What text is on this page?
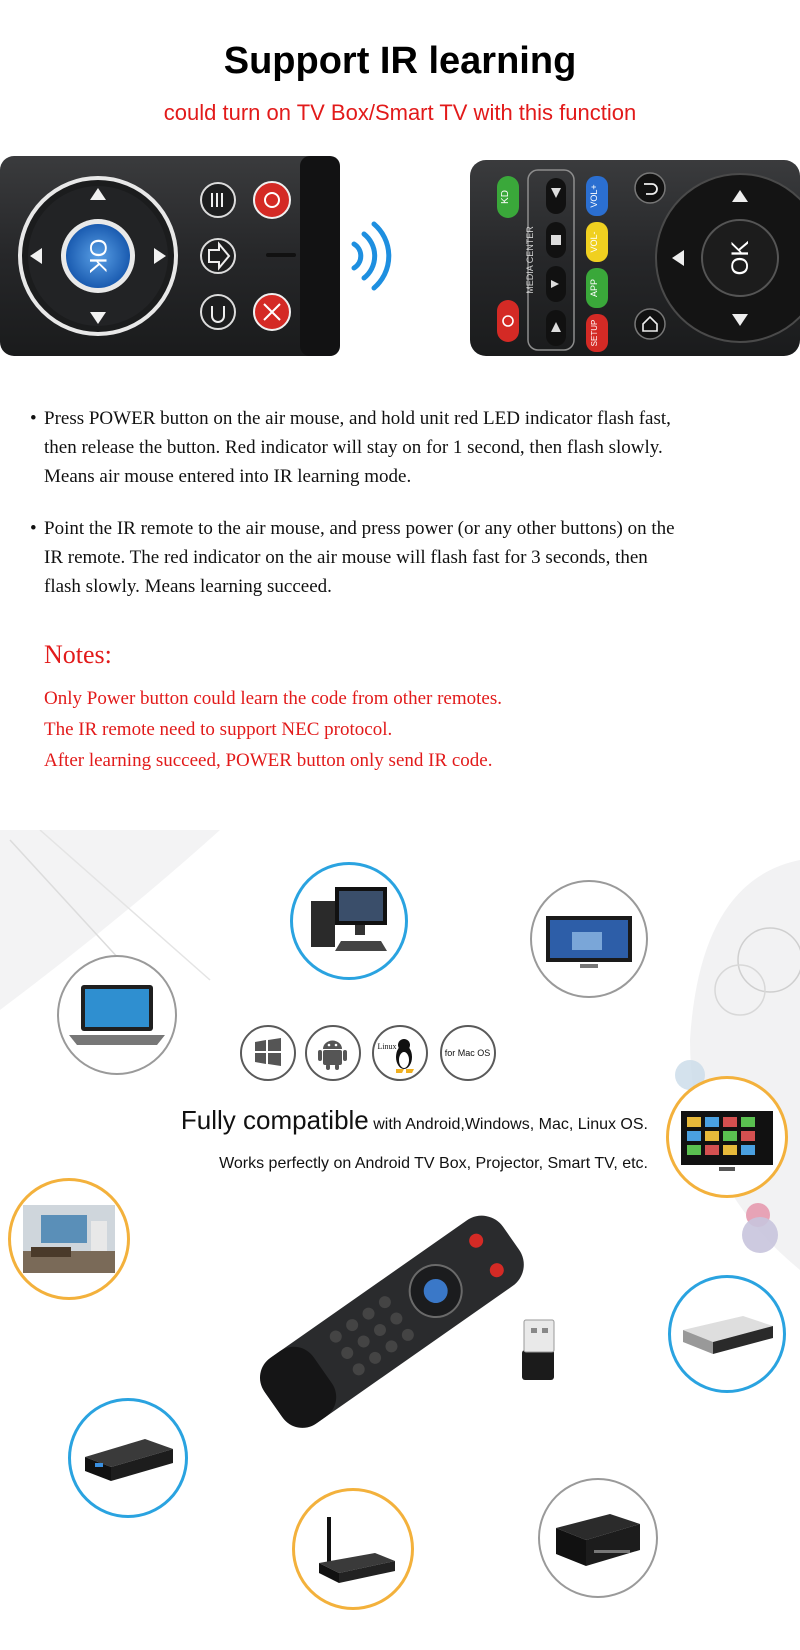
Support IR learning
could turn on TV Box/Smart TV with this function
OK
KD
MEDIA CENTER
VOL+
VOL-
APP
SETUP
OK
• Press POWER button on the air mouse, and hold unit red LED indicator flash fast,
then release the button. Red indicator will stay on for 1 second, then flash slowly.
Means air mouse entered into IR learning mode.
• Point the IR remote to the air mouse, and press power (or any other buttons) on the
IR remote. The red indicator on the air mouse will flash fast for 3 seconds, then
flash slowly. Means learning succeed.
Notes:
Only Power button could learn the code from other remotes.
The IR remote need to support NEC protocol.
After learning succeed, POWER button only send IR code.
Linux
for Mac OS
Fully compatible with Android,Windows, Mac, Linux OS.
Works perfectly on Android TV Box, Projector, Smart TV, etc.
